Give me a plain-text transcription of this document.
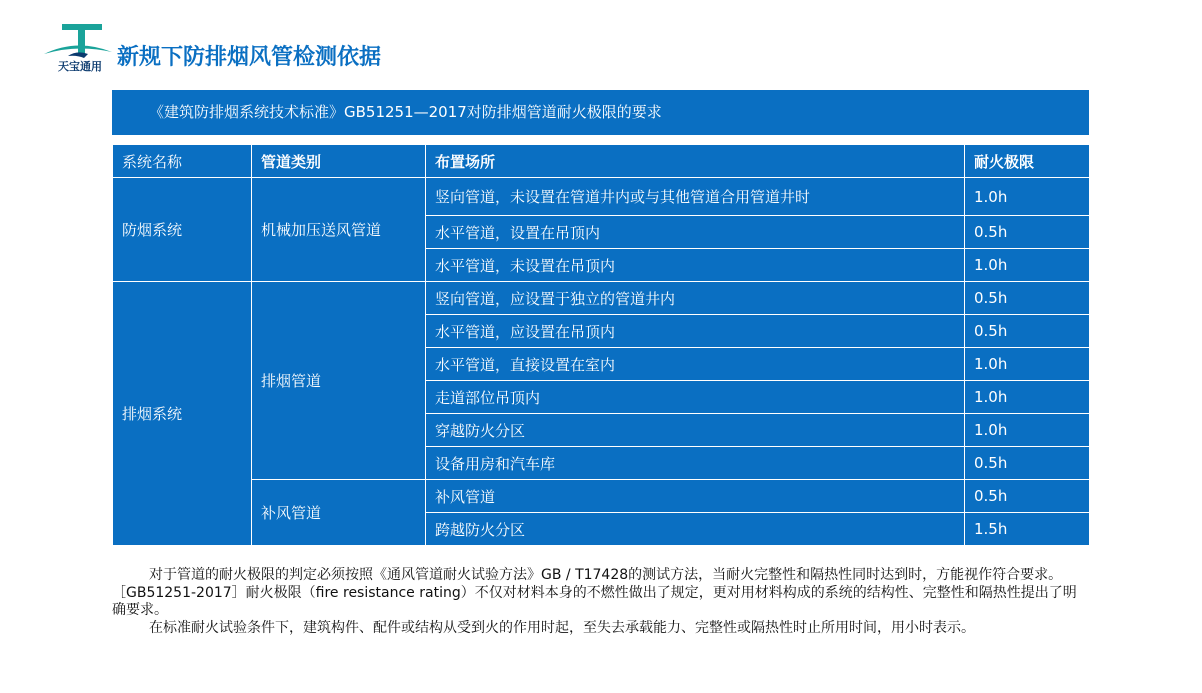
天宝通用 新规下防排烟风管检测依据
《建筑防排烟系统技术标准》GB51251—2017对防排烟管道耐火极限的要求
系统名称	管道类别	布置场所	耐火极限
防烟系统	机械加压送风管道	竖向管道，未设置在管道井内或与其他管道合用管道井时	1.0h
		水平管道，设置在吊顶内	0.5h
		水平管道，未设置在吊顶内	1.0h
排烟系统	排烟管道	竖向管道，应设置于独立的管道井内	0.5h
		水平管道，应设置在吊顶内	0.5h
		水平管道，直接设置在室内	1.0h
		走道部位吊顶内	1.0h
		穿越防火分区	1.0h
		设备用房和汽车库	0.5h
	补风管道	补风管道	0.5h
		跨越防火分区	1.5h

对于管道的耐火极限的判定必须按照《通风管道耐火试验方法》GB / T17428的测试方法，当耐火完整性和隔热性同时达到时，方能视作符合要求。［GB51251-2017］耐火极限（fire resistance rating）不仅对材料本身的不燃性做出了规定，更对用材料构成的系统的结构性、完整性和隔热性提出了明确要求。

在标准耐火试验条件下，建筑构件、配件或结构从受到火的作用时起，至失去承载能力、完整性或隔热性时止所用时间，用小时表示。
